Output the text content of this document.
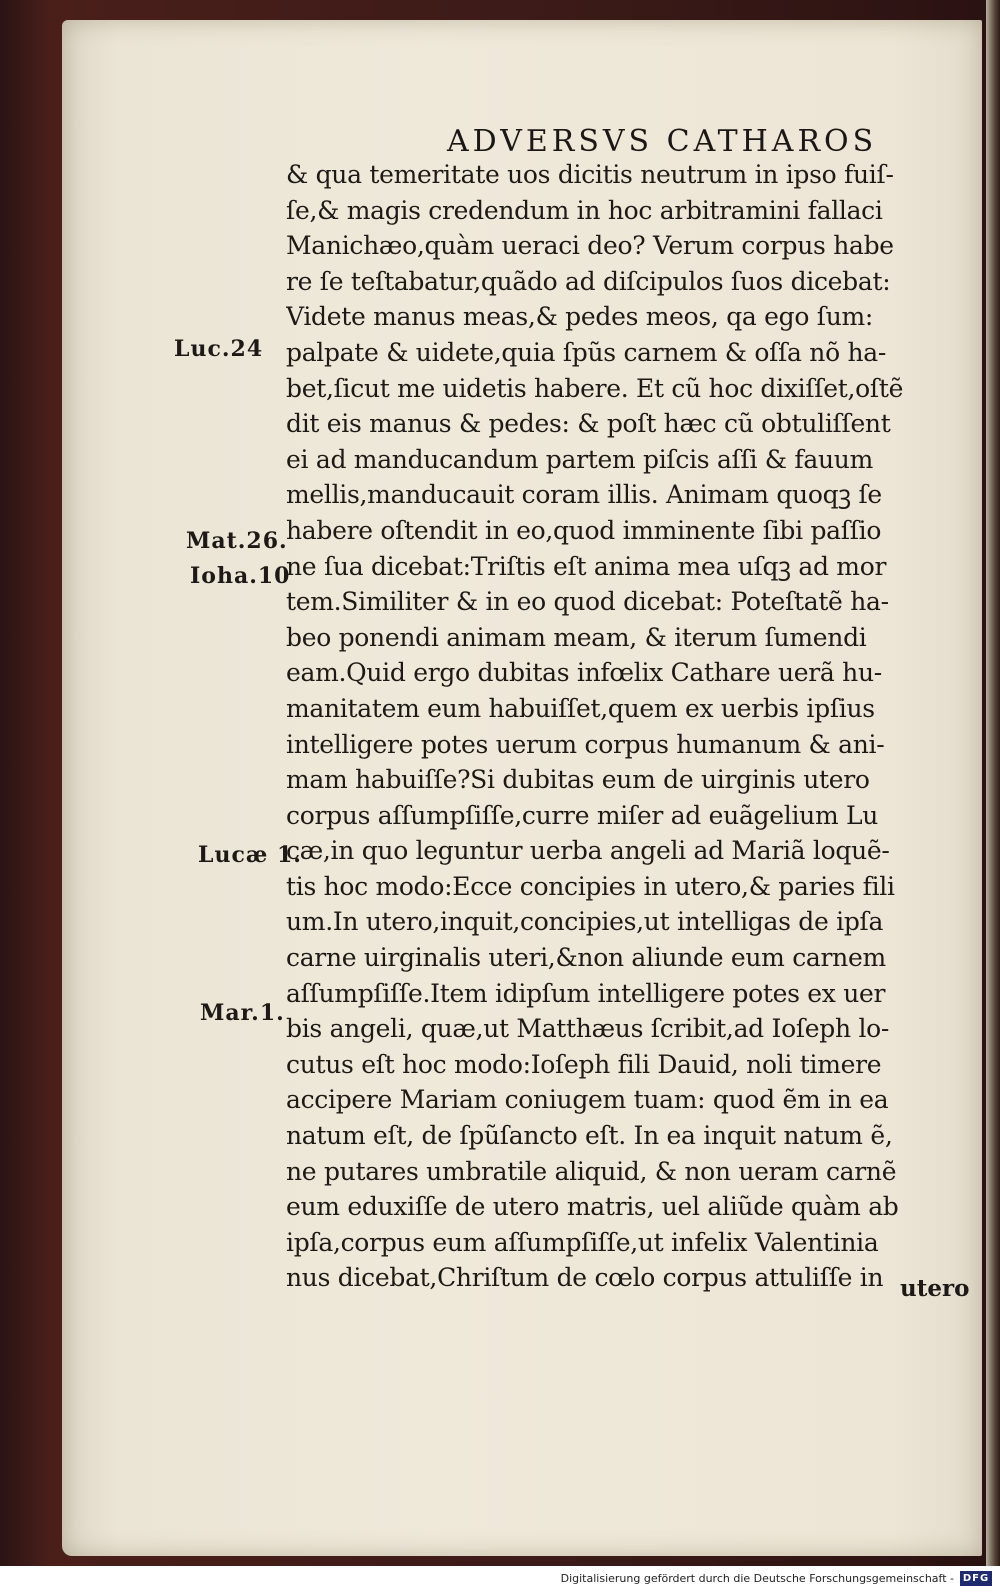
ADVERSVS CATHAROS
Luc.24
Mat.26.
Ioha.10
Lucæ 1.
Mar.1.
& qua temeritate uos dicitis neutrum in ipso fuiſ-
ſe,& magis credendum in hoc arbitramini fallaci
Manichæo,quàm ueraci deo? Verum corpus habe
re ſe teſtabatur,quãdo ad diſcipulos ſuos dicebat:
Videte manus meas,& pedes meos, qa ego ſum:
palpate & uidete,quia ſpũs carnem & oſſa nõ ha-
bet,ſicut me uidetis habere. Et cũ hoc dixiſſet,oſtẽ
dit eis manus & pedes: & poſt hæc cũ obtuliſſent
ei ad manducandum partem piſcis aſſi & fauum
mellis,manducauit coram illis. Animam quoqꝫ ſe
habere oſtendit in eo,quod imminente ſibi paſſio
ne ſua dicebat:Triſtis eſt anima mea uſqꝫ ad mor
tem.Similiter & in eo quod dicebat: Poteſtatẽ ha-
beo ponendi animam meam, & iterum ſumendi
eam.Quid ergo dubitas infœlix Cathare uerã hu-
manitatem eum habuiſſet,quem ex uerbis ipſius
intelligere potes uerum corpus humanum & ani-
mam habuiſſe?Si dubitas eum de uirginis utero
corpus aſſumpſiſſe,curre miſer ad euãgelium Lu
cæ,in quo leguntur uerba angeli ad Mariã loquẽ-
tis hoc modo:Ecce concipies in utero,& paries fili
um.In utero,inquit,concipies,ut intelligas de ipſa
carne uirginalis uteri,&non aliunde eum carnem
aſſumpſiſſe.Item idipſum intelligere potes ex uer
bis angeli, quæ,ut Matthæus ſcribit,ad Ioſeph lo-
cutus eſt hoc modo:Ioſeph fili Dauid, noli timere
accipere Mariam coniugem tuam: quod ẽm in ea
natum eſt, de ſpũſancto eſt. In ea inquit natum ẽ,
ne putares umbratile aliquid, & non ueram carnẽ
eum eduxiſſe de utero matris, uel aliũde quàm ab
ipſa,corpus eum aſſumpſiſſe,ut infelix Valentinia
nus dicebat,Chriſtum de cœlo corpus attuliſſe in utero
Digitalisierung gefördert durch die Deutsche Forschungsgemeinschaft - DFG
